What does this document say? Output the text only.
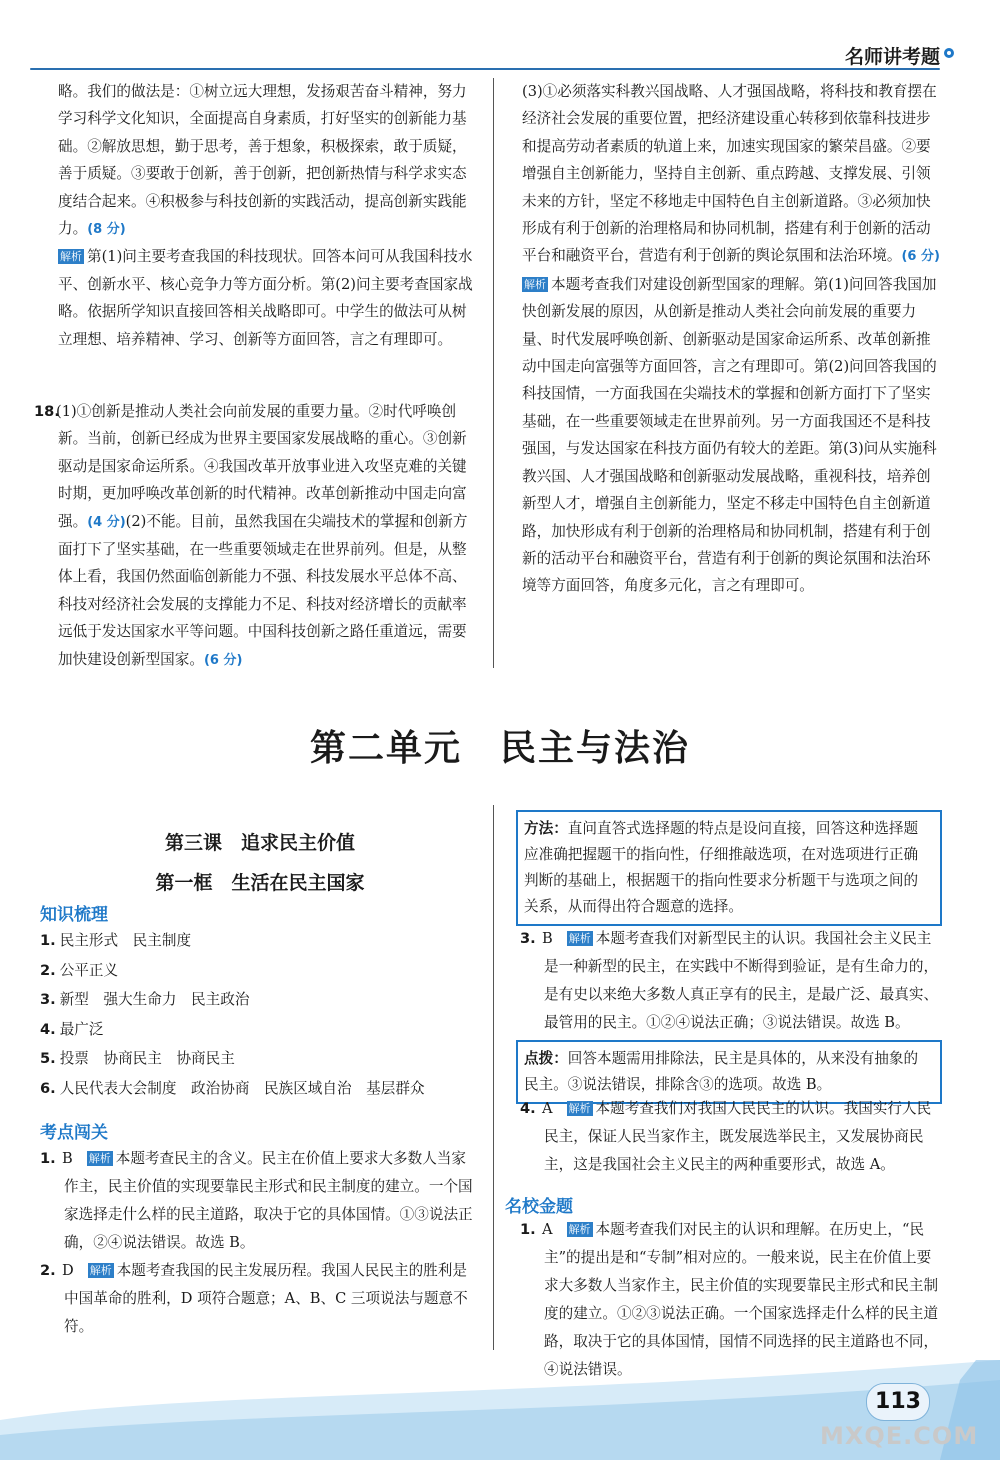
名师讲考题

略。我们的做法是：①树立远大理想，发扬艰苦奋斗精神，努力学习科学文化知识，全面提高自身素质，打好坚实的创新能力基础。②解放思想，勤于思考，善于想象，积极探索，敢于质疑，善于质疑。③要敢于创新，善于创新，把创新热情与科学求实态度结合起来。④积极参与科技创新的实践活动，提高创新实践能力。(8 分)

解析 第(1)问主要考查我国的科技现状。回答本问可从我国科技水平、创新水平、核心竞争力等方面分析。第(2)问主要考查国家战略。依据所学知识直接回答相关战略即可。中学生的做法可从树立理想、培养精神、学习、创新等方面回答，言之有理即可。

18.(1)①创新是推动人类社会向前发展的重要力量。②时代呼唤创新。当前，创新已经成为世界主要国家发展战略的重心。③创新驱动是国家命运所系。④我国改革开放事业进入攻坚克难的关键时期，更加呼唤改革创新的时代精神。改革创新推动中国走向富强。(4 分)(2)不能。目前，虽然我国在尖端技术的掌握和创新方面打下了坚实基础，在一些重要领域走在世界前列。但是，从整体上看，我国仍然面临创新能力不强、科技发展水平总体不高、科技对经济社会发展的支撑能力不足、科技对经济增长的贡献率远低于发达国家水平等问题。中国科技创新之路任重道远，需要加快建设创新型国家。(6 分)

(3)①必须落实科教兴国战略、人才强国战略，将科技和教育摆在经济社会发展的重要位置，把经济建设重心转移到依靠科技进步和提高劳动者素质的轨道上来，加速实现国家的繁荣昌盛。②要增强自主创新能力，坚持自主创新、重点跨越、支撑发展、引领未来的方针，坚定不移地走中国特色自主创新道路。③必须加快形成有利于创新的治理格局和协同机制，搭建有利于创新的活动平台和融资平台，营造有利于创新的舆论氛围和法治环境。(6 分)

解析 本题考查我们对建设创新型国家的理解。第(1)问回答我国加快创新发展的原因，从创新是推动人类社会向前发展的重要力量、时代发展呼唤创新、创新驱动是国家命运所系、改革创新推动中国走向富强等方面回答，言之有理即可。第(2)问回答我国的科技国情，一方面我国在尖端技术的掌握和创新方面打下了坚实基础，在一些重要领域走在世界前列。另一方面我国还不是科技强国，与发达国家在科技方面仍有较大的差距。第(3)问从实施科教兴国、人才强国战略和创新驱动发展战略，重视科技，培养创新型人才，增强自主创新能力，坚定不移走中国特色自主创新道路，加快形成有利于创新的治理格局和协同机制，搭建有利于创新的活动平台和融资平台，营造有利于创新的舆论氛围和法治环境等方面回答，角度多元化，言之有理即可。

第二单元　民主与法治
第三课　追求民主价值
第一框　生活在民主国家
知识梳理
1. 民主形式　民主制度
2. 公平正义
3. 新型　强大生命力　民主政治
4. 最广泛
5. 投票　协商民主　协商民主
6. 人民代表大会制度　政治协商　民族区域自治　基层群众
考点闯关

1. B 解析 本题考查民主的含义。民主在价值上要求大多数人当家作主，民主价值的实现要靠民主形式和民主制度的建立。一个国家选择走什么样的民主道路，取决于它的具体国情。①③说法正确，②④说法错误。故选 B。

2. D 解析 本题考查我国的民主发展历程。我国人民民主的胜利是中国革命的胜利，D 项符合题意；A、B、C 三项说法与题意不符。

方法：直问直答式选择题的特点是设问直接，回答这种选择题应准确把握题干的指向性，仔细推敲选项，在对选项进行正确判断的基础上，根据题干的指向性要求分析题干与选项之间的关系，从而得出符合题意的选择。

3. B 解析 本题考查我们对新型民主的认识。我国社会主义民主是一种新型的民主，在实践中不断得到验证，是有生命力的，是有史以来绝大多数人真正享有的民主，是最广泛、最真实、最管用的民主。①②④说法正确；③说法错误。故选 B。

点拨：回答本题需用排除法，民主是具体的，从来没有抽象的民主。③说法错误，排除含③的选项。故选 B。

4. A 解析 本题考查我们对我国人民民主的认识。我国实行人民民主，保证人民当家作主，既发展选举民主，又发展协商民主，这是我国社会主义民主的两种重要形式，故选 A。

名校金题

1. A 解析 本题考查我们对民主的认识和理解。在历史上，“民主”的提出是和“专制”相对应的。一般来说，民主在价值上要求大多数人当家作主，民主价值的实现要靠民主形式和民主制度的建立。①②③说法正确。一个国家选择走什么样的民主道路，取决于它的具体国情，国情不同选择的民主道路也不同，④说法错误。

113
MXQE.COM
